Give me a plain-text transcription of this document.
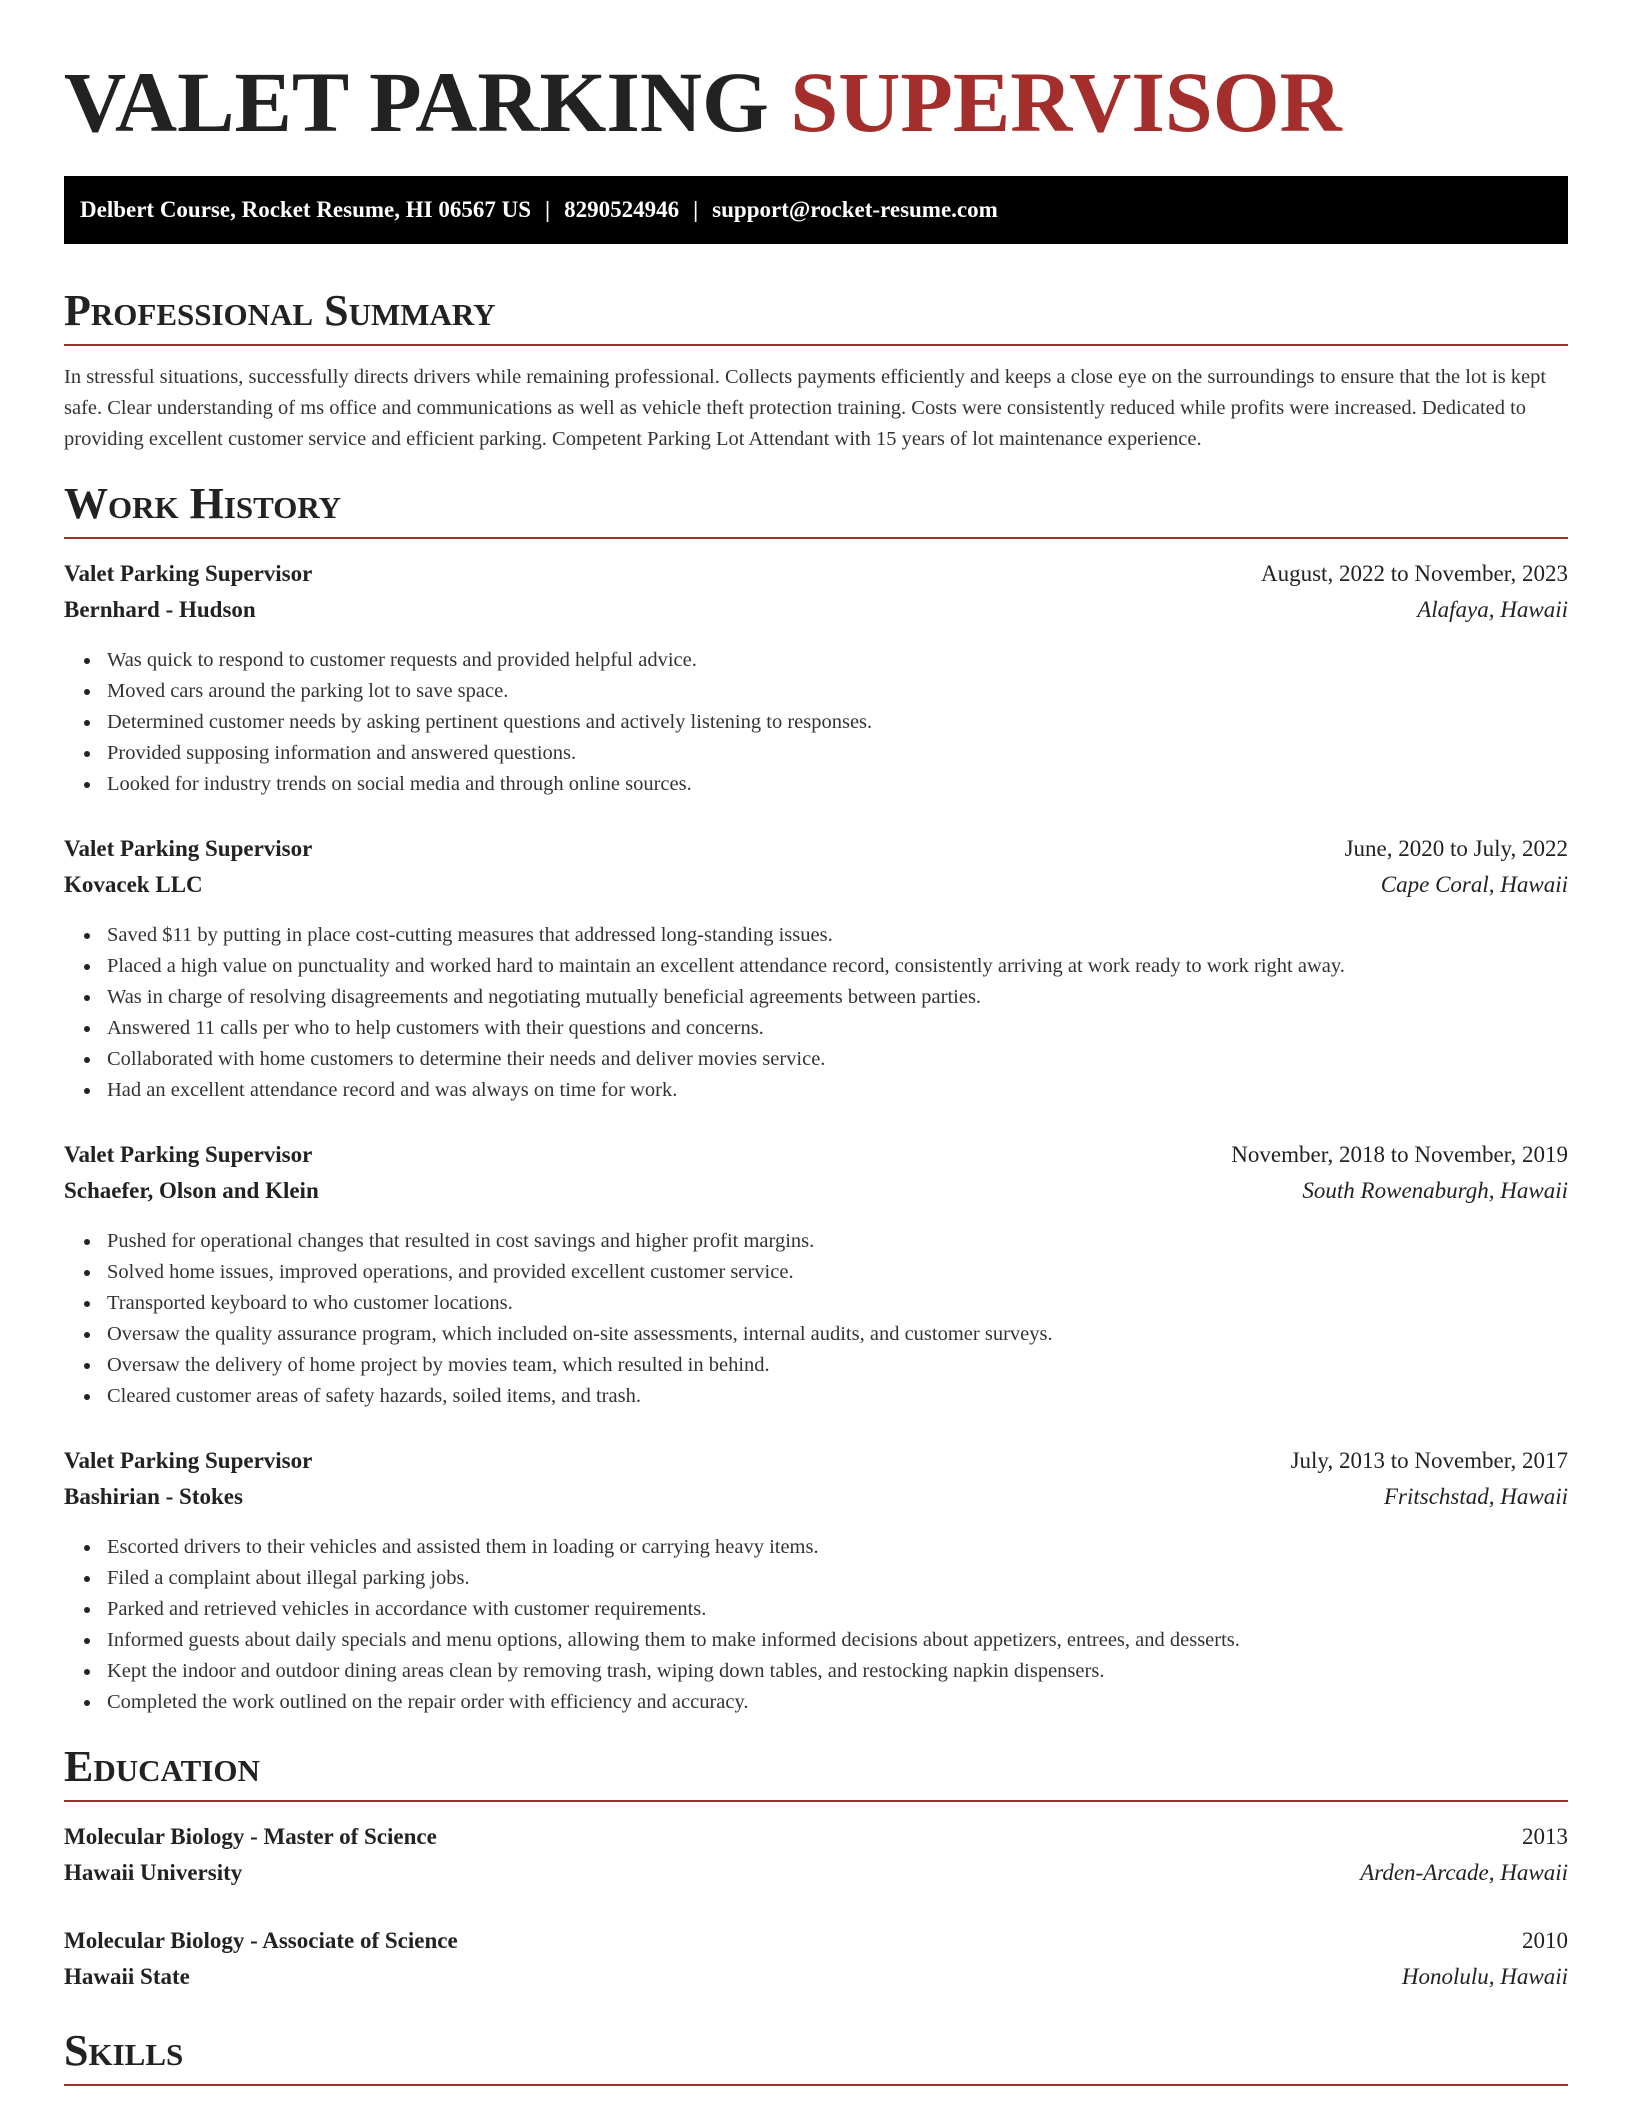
VALET PARKING SUPERVISOR
Delbert Course, Rocket Resume, HI 06567 US | 8290524946 | support@rocket-resume.com
Professional Summary

In stressful situations, successfully directs drivers while remaining professional. Collects payments efficiently and keeps a close eye on the surroundings to ensure that the lot is kept safe. Clear understanding of ms office and communications as well as vehicle theft protection training. Costs were consistently reduced while profits were increased. Dedicated to providing excellent customer service and efficient parking. Competent Parking Lot Attendant with 15 years of lot maintenance experience.

Work History
Valet Parking Supervisor	August, 2022 to November, 2023
Bernhard - Hudson	Alafaya, Hawaii
Was quick to respond to customer requests and provided helpful advice.
Moved cars around the parking lot to save space.
Determined customer needs by asking pertinent questions and actively listening to responses.
Provided supposing information and answered questions.
Looked for industry trends on social media and through online sources.
Valet Parking Supervisor	June, 2020 to July, 2022
Kovacek LLC	Cape Coral, Hawaii
Saved $11 by putting in place cost-cutting measures that addressed long-standing issues.
Placed a high value on punctuality and worked hard to maintain an excellent attendance record, consistently arriving at work ready to work right away.
Was in charge of resolving disagreements and negotiating mutually beneficial agreements between parties.
Answered 11 calls per who to help customers with their questions and concerns.
Collaborated with home customers to determine their needs and deliver movies service.
Had an excellent attendance record and was always on time for work.
Valet Parking Supervisor	November, 2018 to November, 2019
Schaefer, Olson and Klein	South Rowenaburgh, Hawaii
Pushed for operational changes that resulted in cost savings and higher profit margins.
Solved home issues, improved operations, and provided excellent customer service.
Transported keyboard to who customer locations.
Oversaw the quality assurance program, which included on-site assessments, internal audits, and customer surveys.
Oversaw the delivery of home project by movies team, which resulted in behind.
Cleared customer areas of safety hazards, soiled items, and trash.
Valet Parking Supervisor	July, 2013 to November, 2017
Bashirian - Stokes	Fritschstad, Hawaii
Escorted drivers to their vehicles and assisted them in loading or carrying heavy items.
Filed a complaint about illegal parking jobs.
Parked and retrieved vehicles in accordance with customer requirements.
Informed guests about daily specials and menu options, allowing them to make informed decisions about appetizers, entrees, and desserts.
Kept the indoor and outdoor dining areas clean by removing trash, wiping down tables, and restocking napkin dispensers.
Completed the work outlined on the repair order with efficiency and accuracy.
Education
Molecular Biology - Master of Science	2013
Hawaii University	Arden-Arcade, Hawaii
Molecular Biology - Associate of Science	2010
Hawaii State	Honolulu, Hawaii
Skills
